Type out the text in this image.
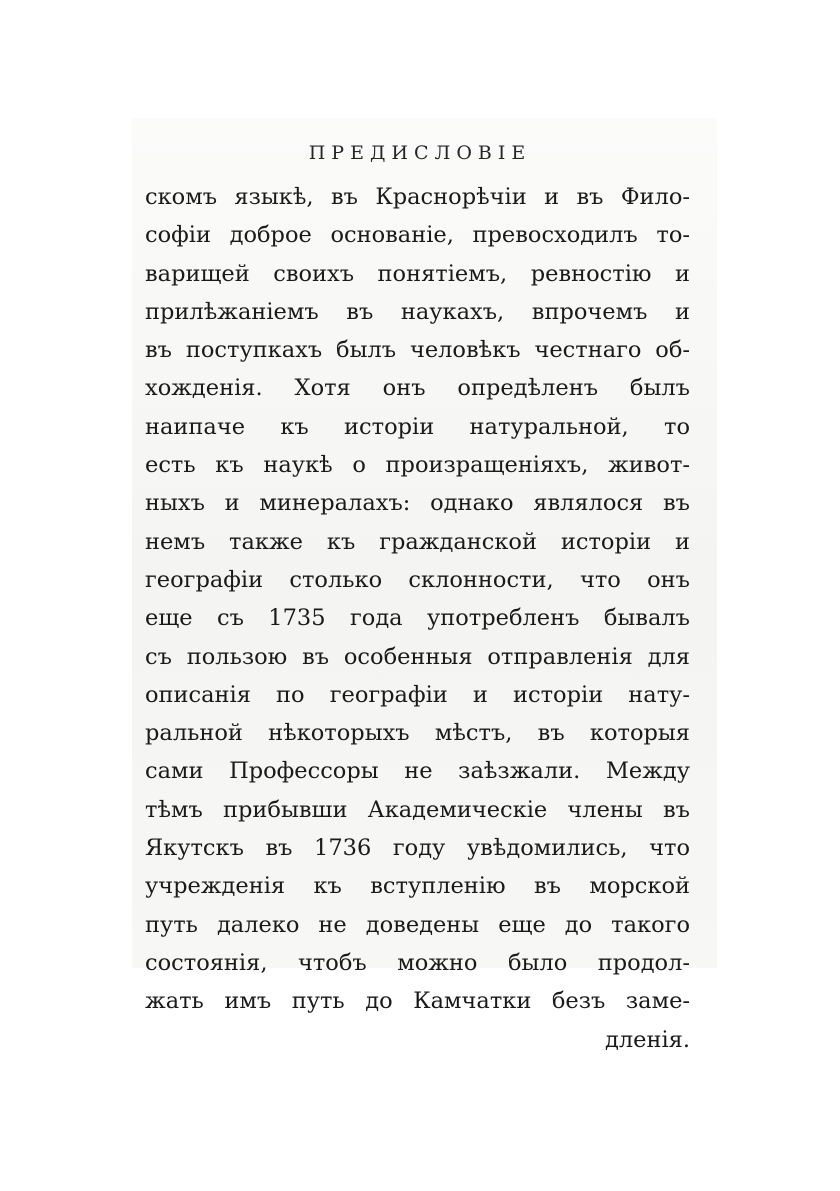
ПРЕДИСЛОВІЕ
скомъ языкѣ, въ Краснорѣчіи и въ Фило-
софіи доброе основаніе, превосходилъ то-
варищей своихъ понятіемъ, ревностію и
прилѣжаніемъ въ наукахъ, впрочемъ и
въ поступкахъ былъ человѣкъ честнаго об-
хожденія. Хотя онъ опредѣленъ былъ
наипаче къ исторіи натуральной, то
есть къ наукѣ о произращеніяхъ, живот-
ныхъ и минералахъ: однако являлося въ
немъ также къ гражданской исторіи и
географіи столько склонности, что онъ
еще съ 1735 года употребленъ бывалъ
съ пользою въ особенныя отправленія для
описанія по географіи и исторіи нату-
ральной нѣкоторыхъ мѣстъ, въ которыя
сами Профессоры не заѣзжали. Между
тѣмъ прибывши Академическіе члены въ
Якутскъ въ 1736 году увѣдомились, что
учрежденія къ вступленію въ морской
путь далеко не доведены еще до такого
состоянія, чтобъ можно было продол-
жать имъ путь до Камчатки безъ заме-
дленія.
